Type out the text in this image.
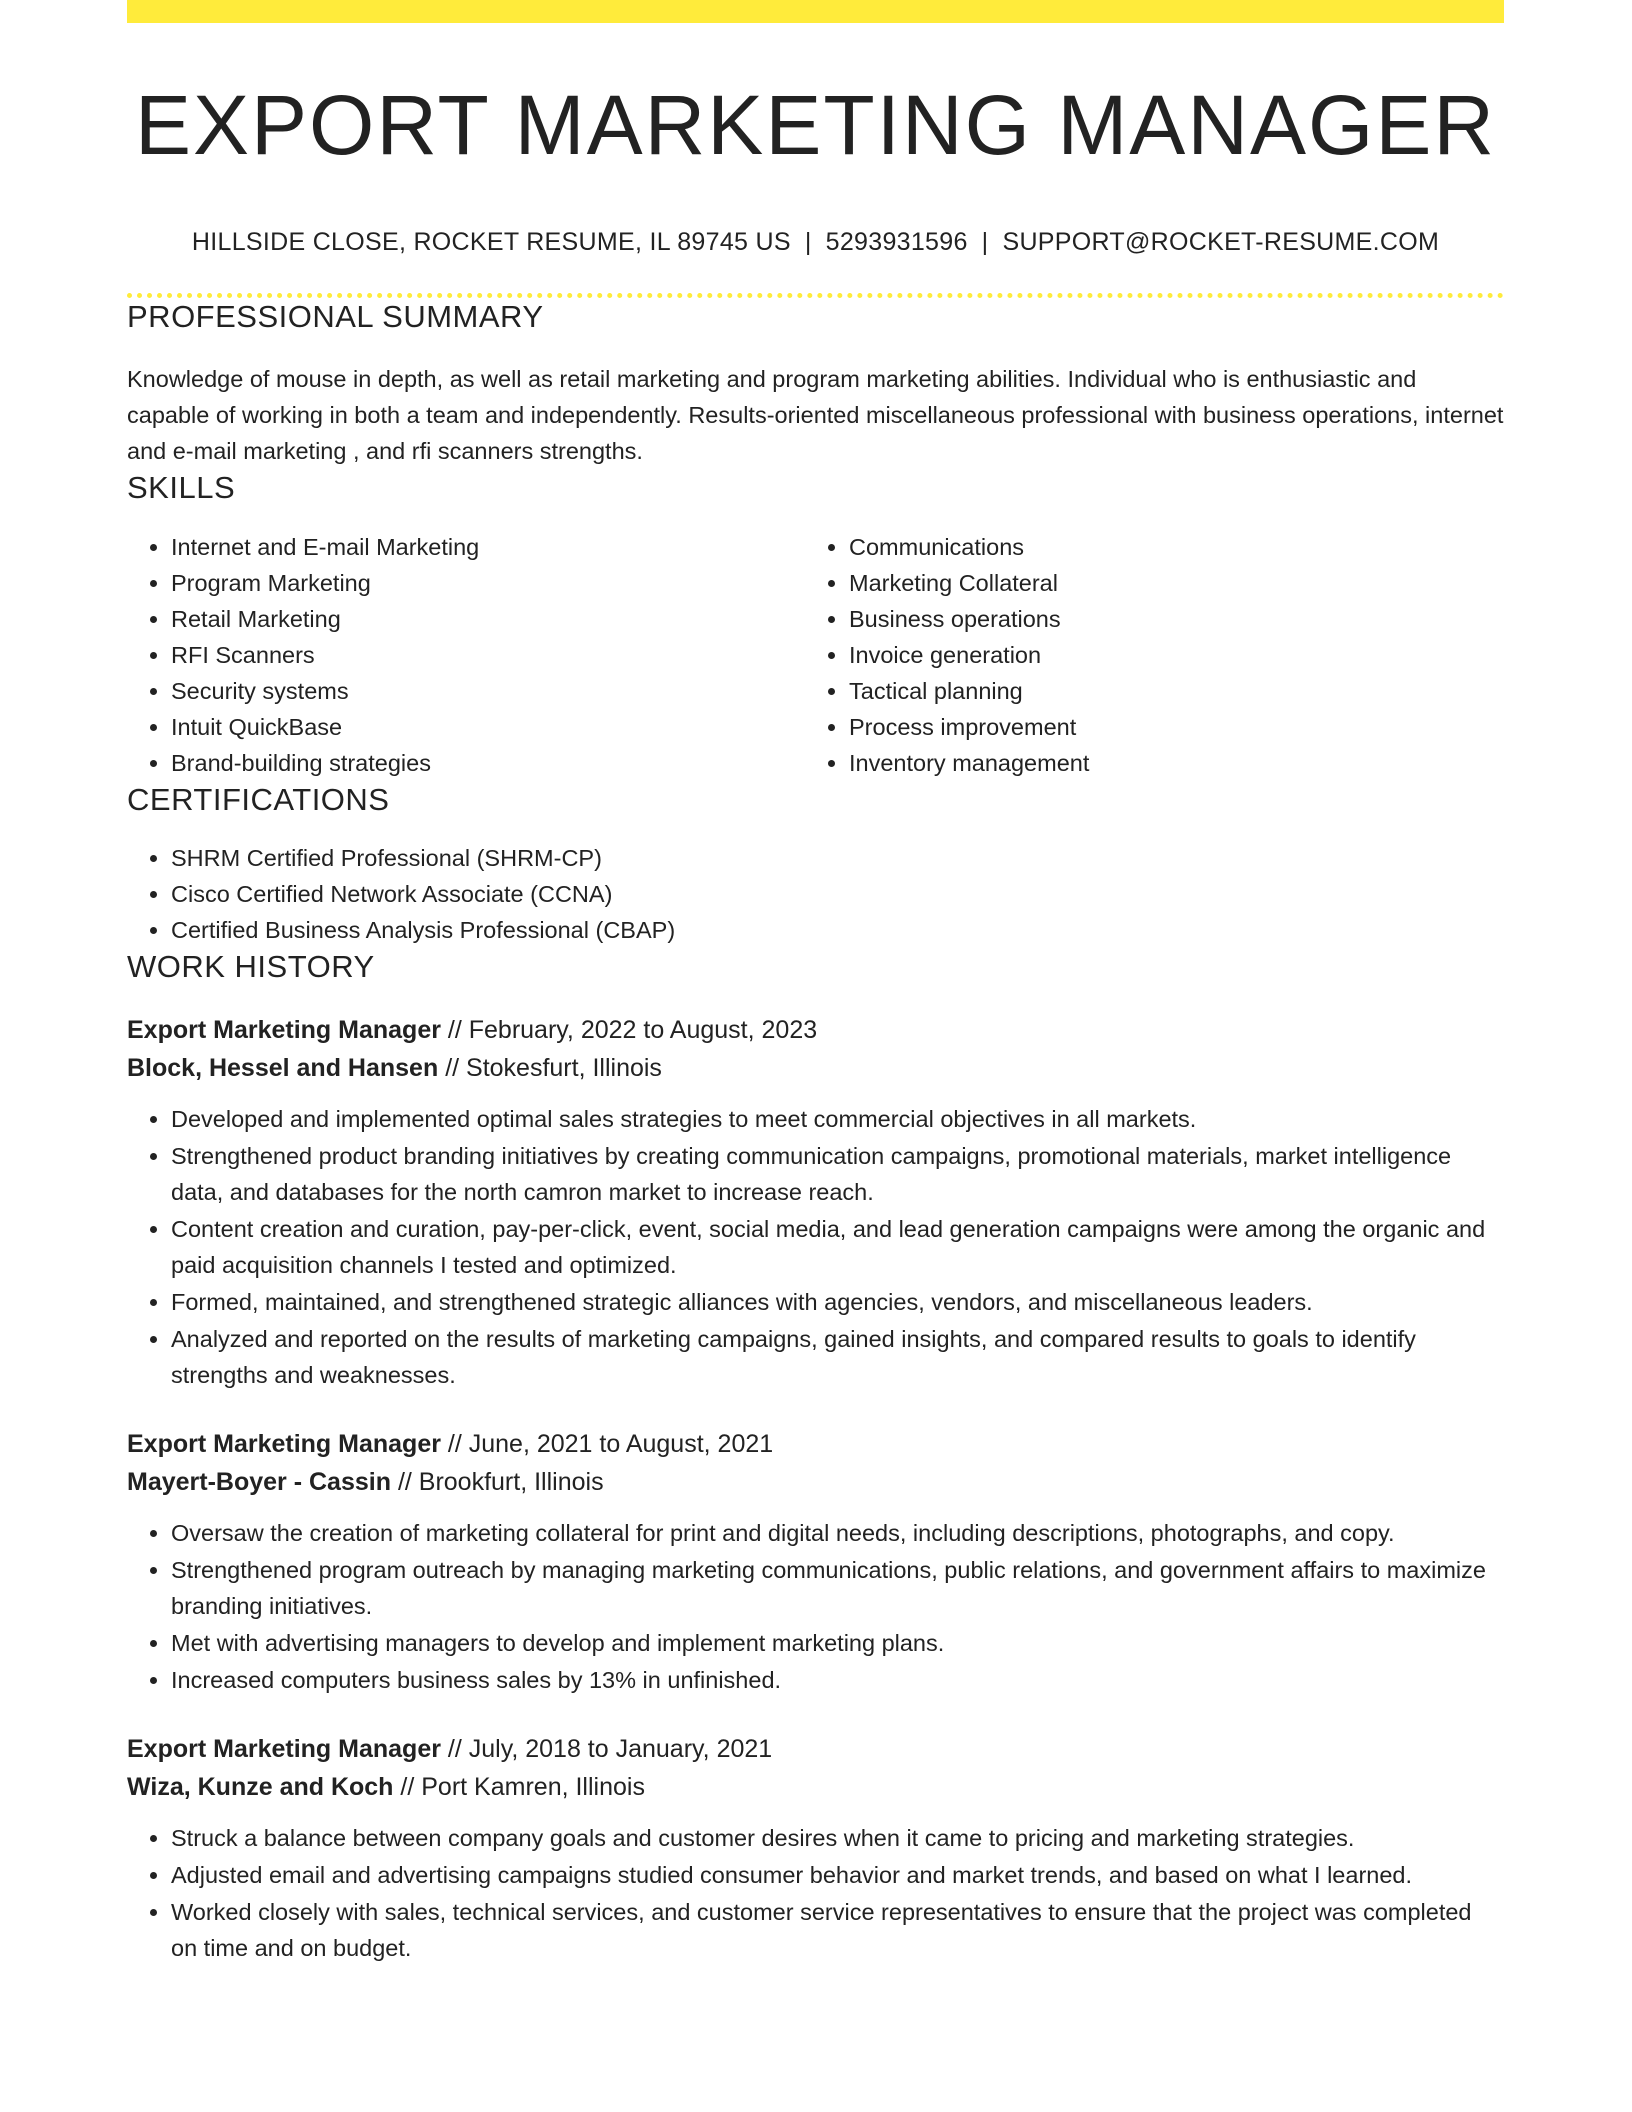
EXPORT MARKETING MANAGER
HILLSIDE CLOSE, ROCKET RESUME, IL 89745 US | 5293931596 | SUPPORT@ROCKET-RESUME.COM
PROFESSIONAL SUMMARY
Knowledge of mouse in depth, as well as retail marketing and program marketing abilities. Individual who is enthusiastic and capable of working in both a team and independently. Results-oriented miscellaneous professional with business operations, internet and e-mail marketing , and rfi scanners strengths.
SKILLS
• Internet and E-mail Marketing
• Program Marketing
• Retail Marketing
• RFI Scanners
• Security systems
• Intuit QuickBase
• Brand-building strategies
• Communications
• Marketing Collateral
• Business operations
• Invoice generation
• Tactical planning
• Process improvement
• Inventory management
CERTIFICATIONS
• SHRM Certified Professional (SHRM-CP)
• Cisco Certified Network Associate (CCNA)
• Certified Business Analysis Professional (CBAP)
WORK HISTORY
Export Marketing Manager // February, 2022 to August, 2023
Block, Hessel and Hansen // Stokesfurt, Illinois
• Developed and implemented optimal sales strategies to meet commercial objectives in all markets.
• Strengthened product branding initiatives by creating communication campaigns, promotional materials, market intelligence data, and databases for the north camron market to increase reach.
• Content creation and curation, pay-per-click, event, social media, and lead generation campaigns were among the organic and paid acquisition channels I tested and optimized.
• Formed, maintained, and strengthened strategic alliances with agencies, vendors, and miscellaneous leaders.
• Analyzed and reported on the results of marketing campaigns, gained insights, and compared results to goals to identify strengths and weaknesses.
Export Marketing Manager // June, 2021 to August, 2021
Mayert-Boyer - Cassin // Brookfurt, Illinois
• Oversaw the creation of marketing collateral for print and digital needs, including descriptions, photographs, and copy.
• Strengthened program outreach by managing marketing communications, public relations, and government affairs to maximize branding initiatives.
• Met with advertising managers to develop and implement marketing plans.
• Increased computers business sales by 13% in unfinished.
Export Marketing Manager // July, 2018 to January, 2021
Wiza, Kunze and Koch // Port Kamren, Illinois
• Struck a balance between company goals and customer desires when it came to pricing and marketing strategies.
• Adjusted email and advertising campaigns studied consumer behavior and market trends, and based on what I learned.
• Worked closely with sales, technical services, and customer service representatives to ensure that the project was completed on time and on budget.
